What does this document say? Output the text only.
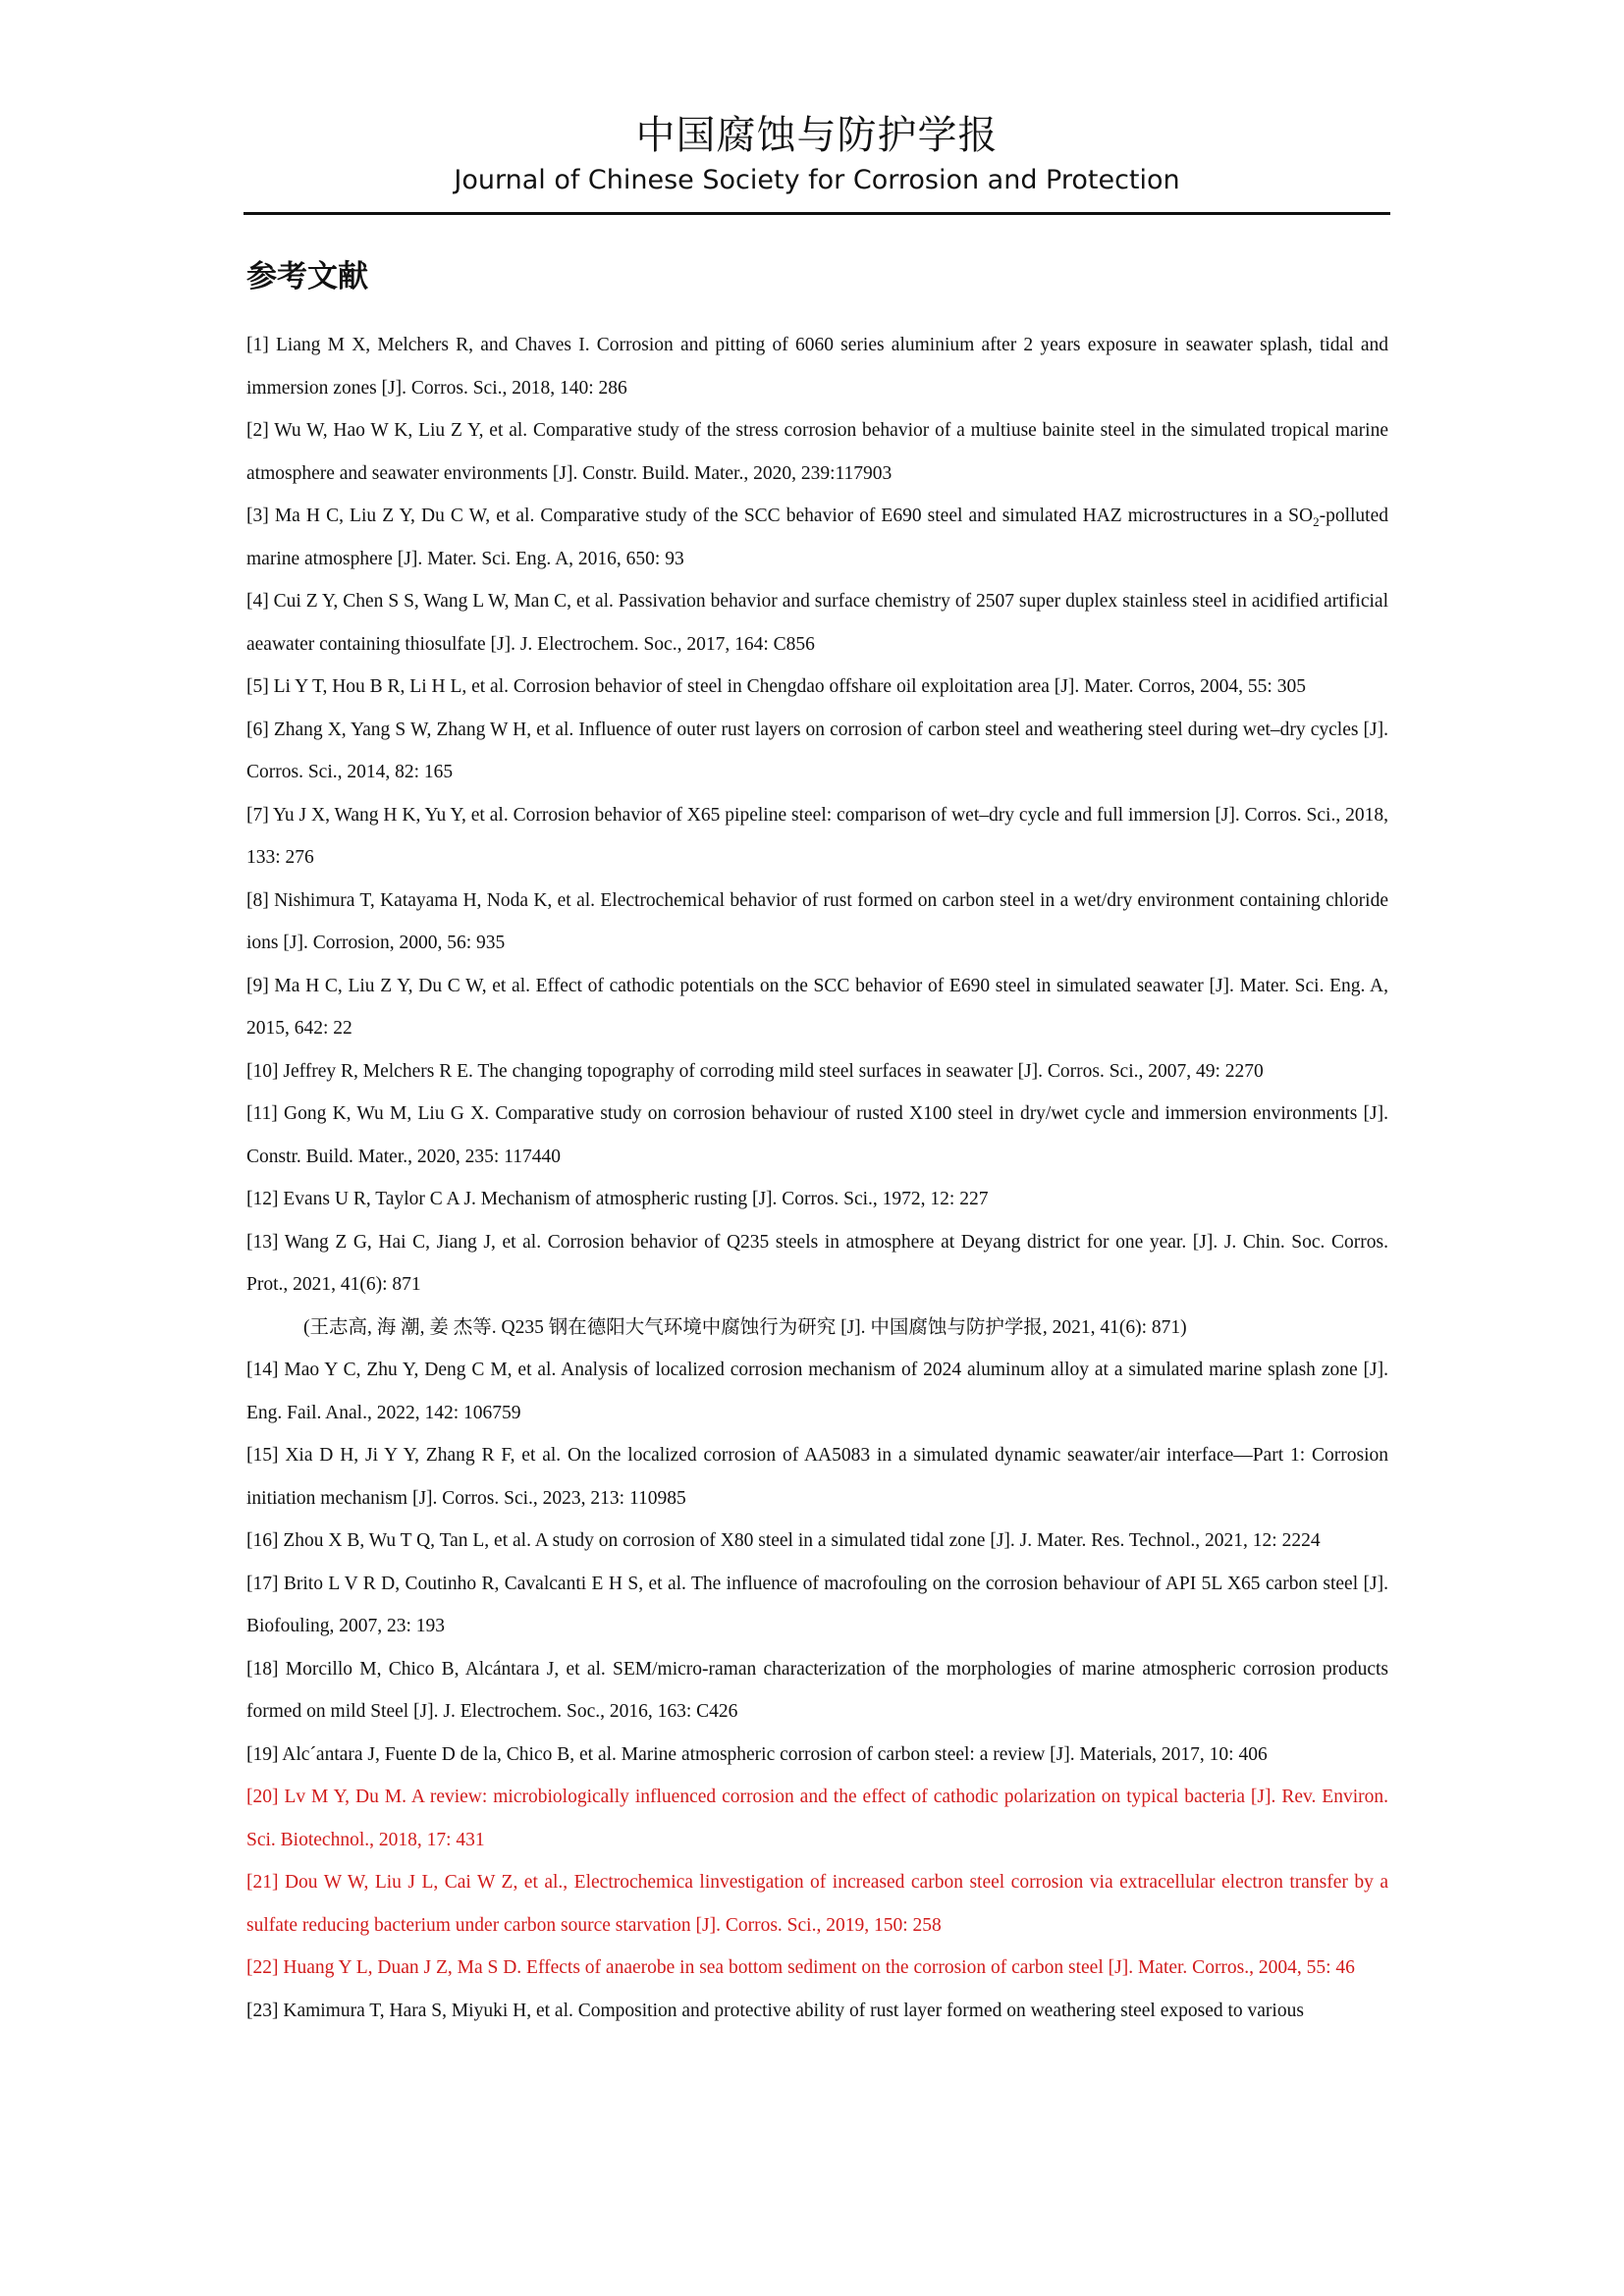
中国腐蚀与防护学报
Journal of Chinese Society for Corrosion and Protection
参考文献

[1] Liang M X, Melchers R, and Chaves I. Corrosion and pitting of 6060 series aluminium after 2 years exposure in seawater splash, tidal and immersion zones [J]. Corros. Sci., 2018, 140: 286

[2] Wu W, Hao W K, Liu Z Y, et al. Comparative study of the stress corrosion behavior of a multiuse bainite steel in the simulated tropical marine atmosphere and seawater environments [J]. Constr. Build. Mater., 2020, 239:117903

[3] Ma H C, Liu Z Y, Du C W, et al. Comparative study of the SCC behavior of E690 steel and simulated HAZ microstructures in a $SO_2$-polluted marine atmosphere [J]. Mater. Sci. Eng. A, 2016, 650: 93

[4] Cui Z Y, Chen S S, Wang L W, Man C, et al. Passivation behavior and surface chemistry of 2507 super duplex stainless steel in acidified artificial aeawater containing thiosulfate [J]. J. Electrochem. Soc., 2017, 164: C856

[5] Li Y T, Hou B R, Li H L, et al. Corrosion behavior of steel in Chengdao offshare oil exploitation area [J]. Mater. Corros, 2004, 55: 305

[6] Zhang X, Yang S W, Zhang W H, et al. Influence of outer rust layers on corrosion of carbon steel and weathering steel during wet–dry cycles [J]. Corros. Sci., 2014, 82: 165

[7] Yu J X, Wang H K, Yu Y, et al. Corrosion behavior of X65 pipeline steel: comparison of wet–dry cycle and full immersion [J]. Corros. Sci., 2018, 133: 276

[8] Nishimura T, Katayama H, Noda K, et al. Electrochemical behavior of rust formed on carbon steel in a wet/dry environment containing chloride ions [J]. Corrosion, 2000, 56: 935

[9] Ma H C, Liu Z Y, Du C W, et al. Effect of cathodic potentials on the SCC behavior of E690 steel in simulated seawater [J]. Mater. Sci. Eng. A, 2015, 642: 22

[10] Jeffrey R, Melchers R E. The changing topography of corroding mild steel surfaces in seawater [J]. Corros. Sci., 2007, 49: 2270

[11] Gong K, Wu M, Liu G X. Comparative study on corrosion behaviour of rusted X100 steel in dry/wet cycle and immersion environments [J]. Constr. Build. Mater., 2020, 235: 117440

[12] Evans U R, Taylor C A J. Mechanism of atmospheric rusting [J]. Corros. Sci., 1972, 12: 227

[13] Wang Z G, Hai C, Jiang J, et al. Corrosion behavior of Q235 steels in atmosphere at Deyang district for one year. [J]. J. Chin. Soc. Corros. Prot., 2021, 41(6): 871

(王志高, 海 潮, 姜 杰等. Q235 钢在德阳大气环境中腐蚀行为研究 [J]. 中国腐蚀与防护学报, 2021, 41(6): 871)

[14] Mao Y C, Zhu Y, Deng C M, et al. Analysis of localized corrosion mechanism of 2024 aluminum alloy at a simulated marine splash zone [J]. Eng. Fail. Anal., 2022, 142: 106759

[15] Xia D H, Ji Y Y, Zhang R F, et al. On the localized corrosion of AA5083 in a simulated dynamic seawater/air interface—Part 1: Corrosion initiation mechanism [J]. Corros. Sci., 2023, 213: 110985

[16] Zhou X B, Wu T Q, Tan L, et al. A study on corrosion of X80 steel in a simulated tidal zone [J]. J. Mater. Res. Technol., 2021, 12: 2224

[17] Brito L V R D, Coutinho R, Cavalcanti E H S, et al. The influence of macrofouling on the corrosion behaviour of API 5L X65 carbon steel [J]. Biofouling, 2007, 23: 193

[18] Morcillo M, Chico B, Alcántara J, et al. SEM/micro-raman characterization of the morphologies of marine atmospheric corrosion products formed on mild Steel [J]. J. Electrochem. Soc., 2016, 163: C426

[19] Alc´antara J, Fuente D de la, Chico B, et al. Marine atmospheric corrosion of carbon steel: a review [J]. Materials, 2017, 10: 406

[20] Lv M Y, Du M. A review: microbiologically influenced corrosion and the effect of cathodic polarization on typical bacteria [J]. Rev. Environ. Sci. Biotechnol., 2018, 17: 431

[21] Dou W W, Liu J L, Cai W Z, et al., Electrochemica linvestigation of increased carbon steel corrosion via extracellular electron transfer by a sulfate reducing bacterium under carbon source starvation [J]. Corros. Sci., 2019, 150: 258

[22] Huang Y L, Duan J Z, Ma S D. Effects of anaerobe in sea bottom sediment on the corrosion of carbon steel [J]. Mater. Corros., 2004, 55: 46

[23] Kamimura T, Hara S, Miyuki H, et al. Composition and protective ability of rust layer formed on weathering steel exposed to various
